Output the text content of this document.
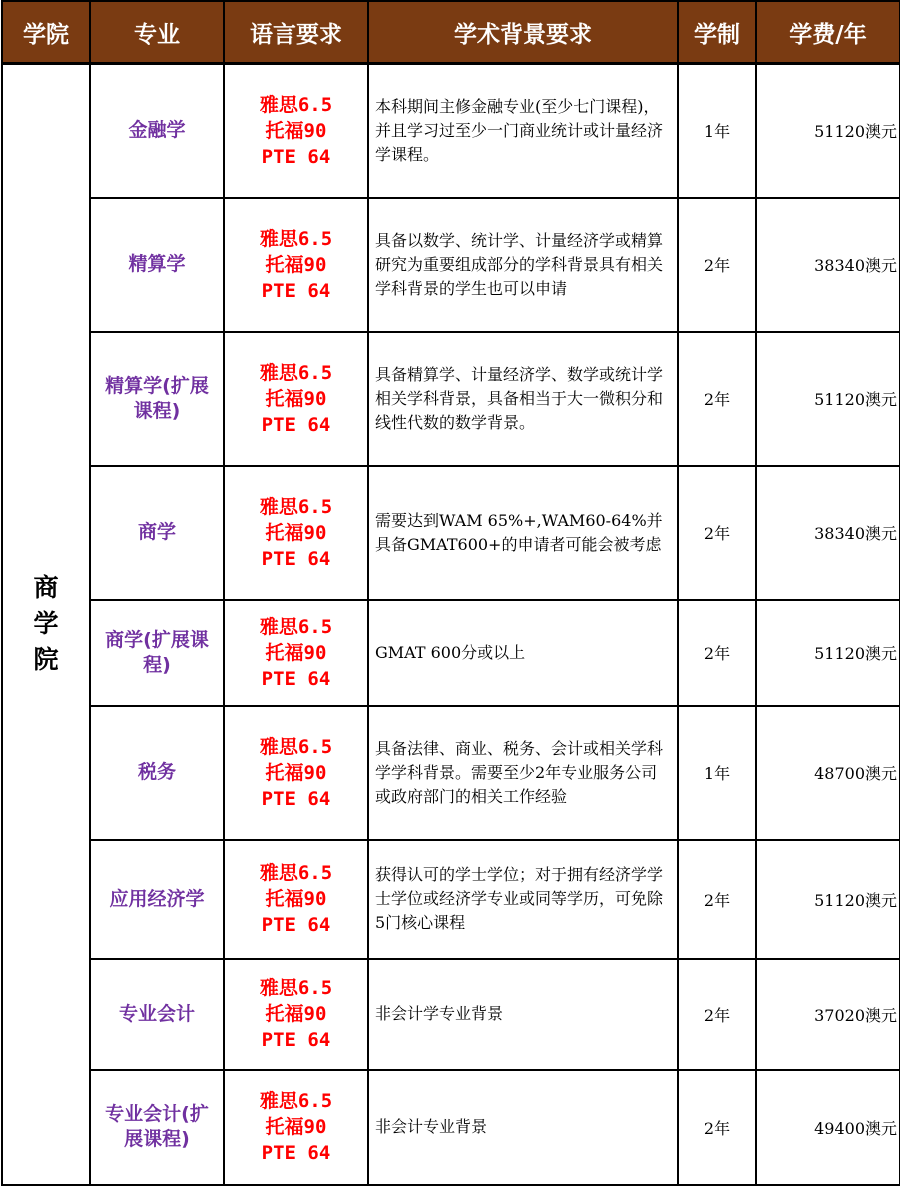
学院	专业	语言要求	学术背景要求	学制	学费/年
商
学
院	金融学	雅思6.5
托福90
PTE 64	本科期间主修金融专业(至少七门课程)，并且学习过至少一门商业统计或计量经济学课程。	1年	51120澳元
	精算学	雅思6.5
托福90
PTE 64	具备以数学、统计学、计量经济学或精算研究为重要组成部分的学科背景具有相关学科背景的学生也可以申请	2年	38340澳元
	精算学(扩展课程)	雅思6.5
托福90
PTE 64	具备精算学、计量经济学、数学或统计学相关学科背景，具备相当于大一微积分和线性代数的数学背景。	2年	51120澳元
	商学	雅思6.5
托福90
PTE 64	需要达到WAM 65%+,WAM60-64%并具备GMAT600+的申请者可能会被考虑	2年	38340澳元
	商学(扩展课程)	雅思6.5
托福90
PTE 64	GMAT 600分或以上	2年	51120澳元
	税务	雅思6.5
托福90
PTE 64	具备法律、商业、税务、会计或相关学科学学科背景。需要至少2年专业服务公司或政府部门的相关工作经验	1年	48700澳元
	应用经济学	雅思6.5
托福90
PTE 64	获得认可的学士学位；对于拥有经济学学士学位或经济学专业或同等学历，可免除5门核心课程	2年	51120澳元
	专业会计	雅思6.5
托福90
PTE 64	非会计学专业背景	2年	37020澳元
	专业会计(扩展课程)	雅思6.5
托福90
PTE 64	非会计专业背景	2年	49400澳元
